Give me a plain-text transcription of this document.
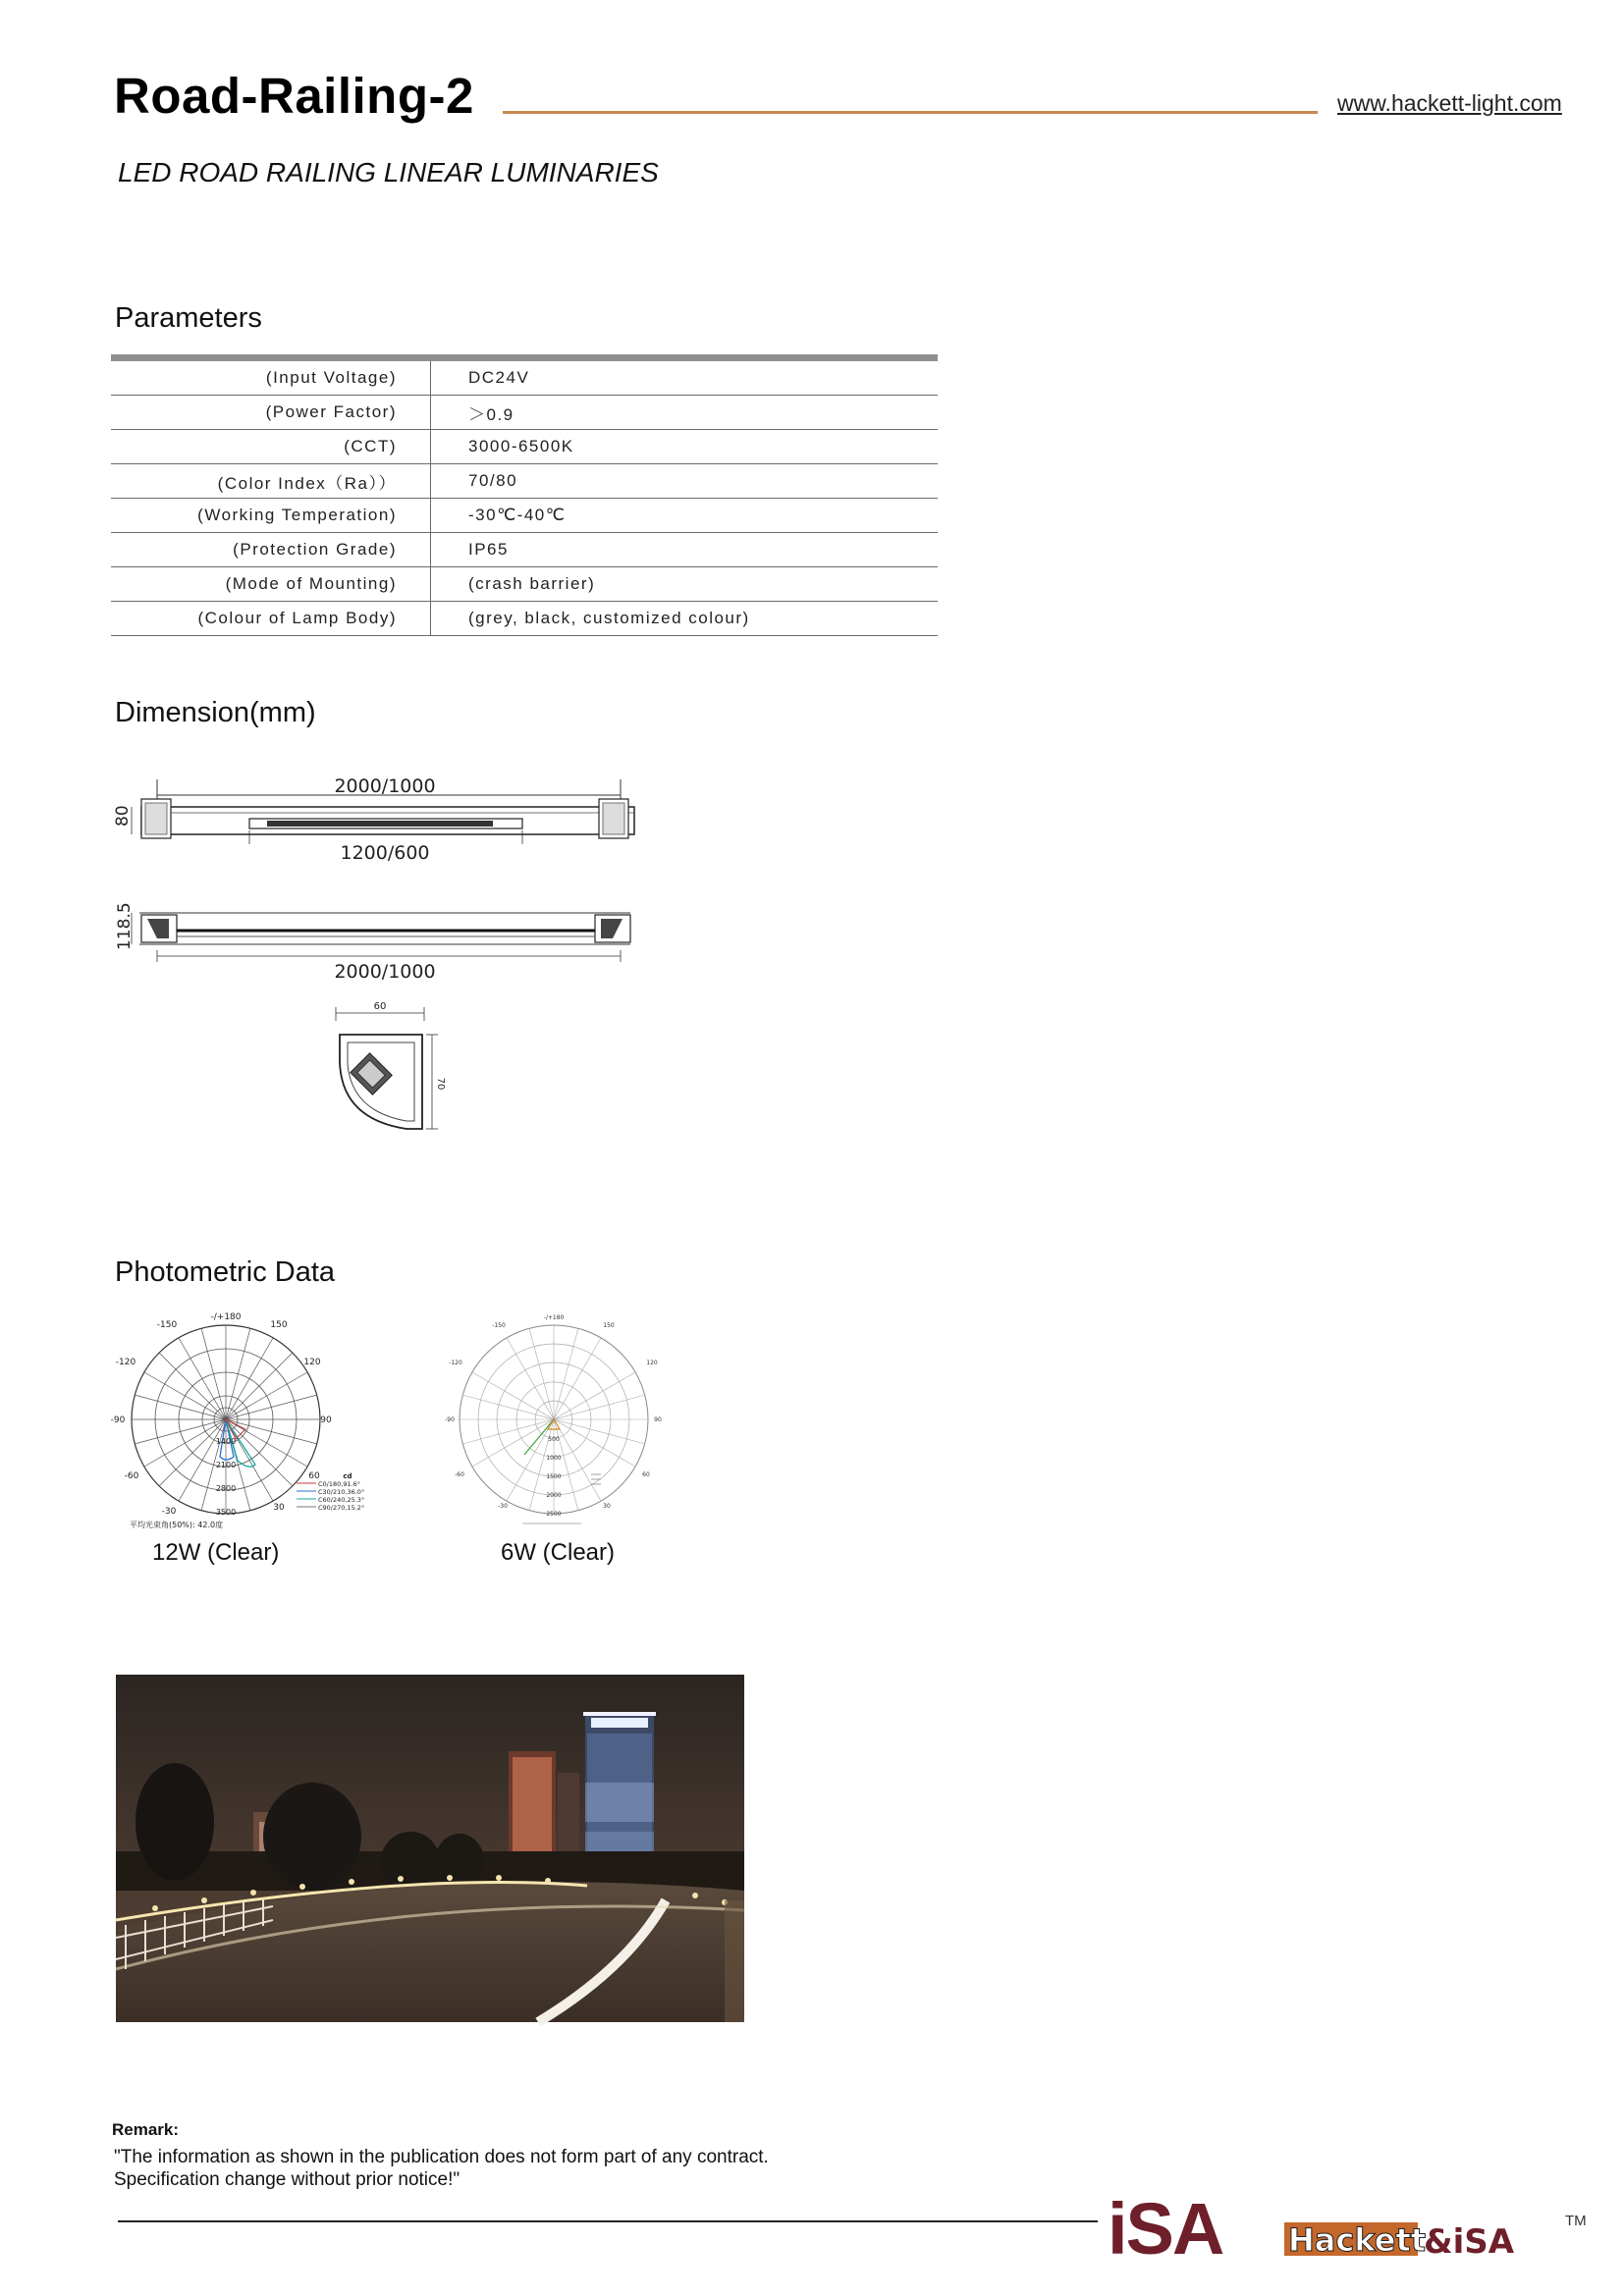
Road-Railing-2	www.hackett-light.com
LED ROAD RAILING LINEAR LUMINARIES
Parameters
(Input Voltage)	DC24V
(Power Factor)	＞0.9
(CCT)	3000-6500K
(Color Index（Ra））	70/80
(Working Temperation)	-30℃-40℃
(Protection Grade)	IP65
(Mode of Mounting)	(crash barrier)
(Colour of Lamp Body)	(grey, black, customized colour)
Dimension(mm)
2000/1000
1200/600
80
2000/1000
118.5
60
70
Photometric Data
-/+180
-150	150
-120	120
-90	90
-60	60
-30	30
1400
2100
2800
3500
cd
C0/180,91.6°
C30/210,36.0°
C60/240,25.3°
C90/270,15.2°
平均光束角(50%): 42.0度
12W (Clear)
-/+180
-150	150
-120	120
-90	90
-60	60
-30	30
500
1000
1500
2000
2500
6W (Clear)
Remark:
"The information as shown in the publication does not form part of any contract.
Specification change without prior notice!"
iSA Hackett
&iSA
TM
